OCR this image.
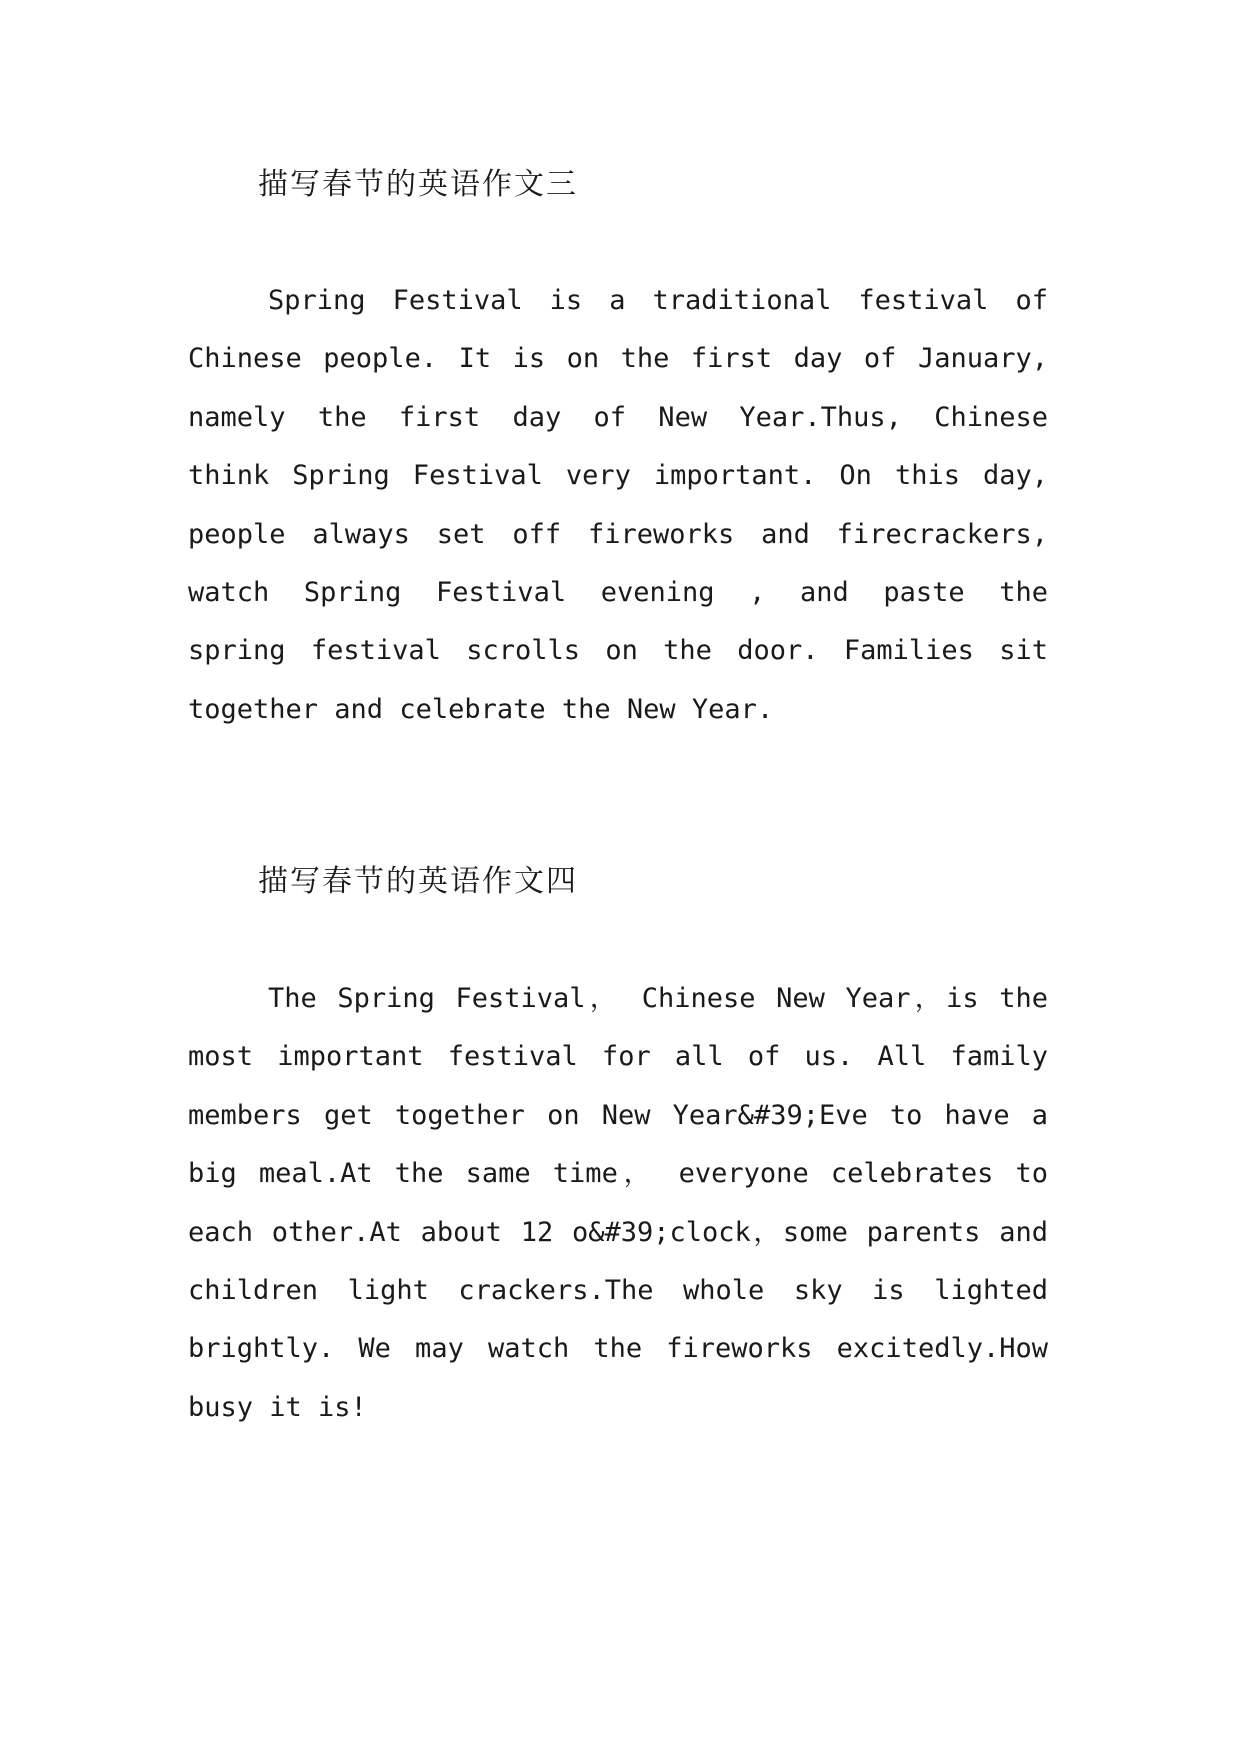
描写春节的英语作文三
Spring Festival is a traditional festival of
Chinese people. It is on the first day of January,
namely the first day of New Year.Thus, Chinese
think Spring Festival very important. On this day,
people always set off fireworks and firecrackers,
watch Spring Festival evening , and paste the
spring festival scrolls on the door. Families sit
together and celebrate the New Year.
描写春节的英语作文四
The Spring Festival， Chinese New Year，is the
most important festival for all of us. All family
members get together on New Year&#39;Eve to have a
big meal.At the same time， everyone celebrates to
each other.At about 12 o&#39;clock，some parents and
children light crackers.The whole sky is lighted
brightly. We may watch the fireworks excitedly.How
busy it is!
